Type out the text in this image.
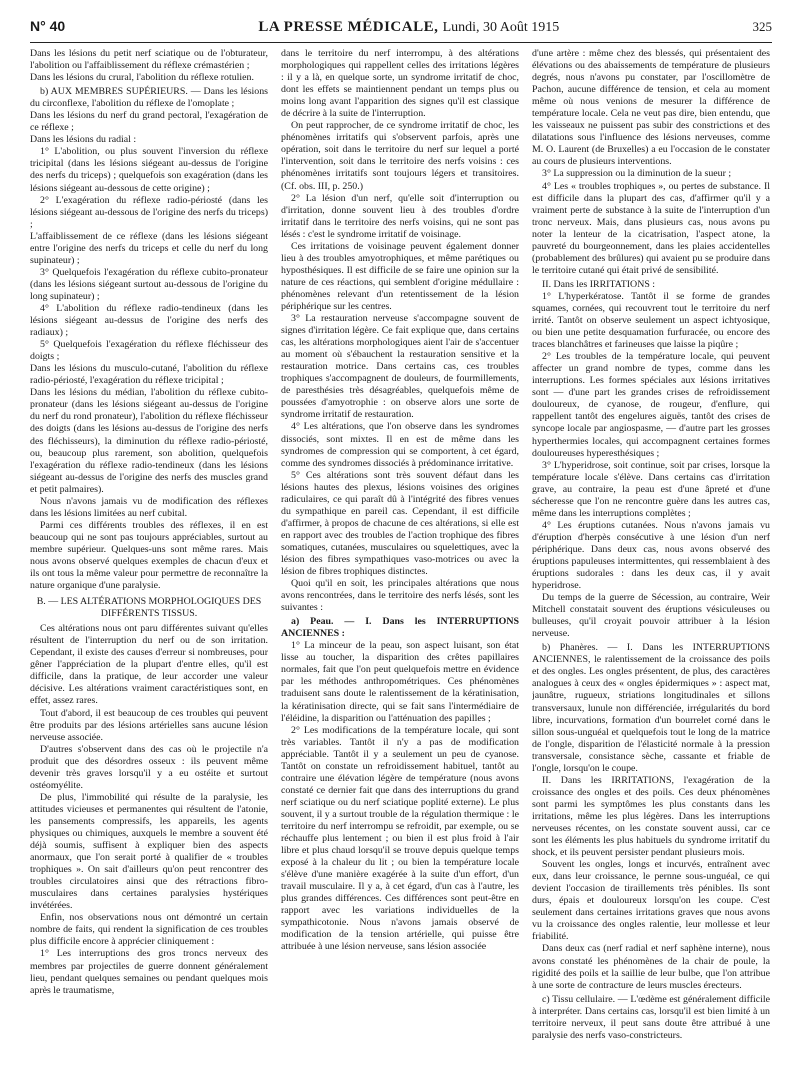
N° 40	LA PRESSE MÉDICALE, Lundi, 30 Août 1915	325

Dans les lésions du petit nerf sciatique ou de l'obturateur, l'abolition ou l'affaiblissement du réflexe crémastérien ;

Dans les lésions du crural, l'abolition du réflexe rotulien.

b) AUX MEMBRES SUPÉRIEURS. — Dans les lésions du circonflexe, l'abolition du réflexe de l'omoplate ;

Dans les lésions du nerf du grand pectoral, l'exagération de ce réflexe ;

Dans les lésions du radial :

1° L'abolition, ou plus souvent l'inversion du réflexe tricipital (dans les lésions siégeant au-dessus de l'origine des nerfs du triceps) ; quelquefois son exagération (dans les lésions siégeant au-dessous de cette origine) ;

2° L'exagération du réflexe radio-périosté (dans les lésions siégeant au-dessous de l'origine des nerfs du triceps) ;

L'affaiblissement de ce réflexe (dans les lésions siégeant entre l'origine des nerfs du triceps et celle du nerf du long supinateur) ;

3° Quelquefois l'exagération du réflexe cubito-pronateur (dans les lésions siégeant surtout au-dessous de l'origine du long supinateur) ;

4° L'abolition du réflexe radio-tendineux (dans les lésions siégeant au-dessus de l'origine des nerfs des radiaux) ;

5° Quelquefois l'exagération du réflexe fléchisseur des doigts ;

Dans les lésions du musculo-cutané, l'abolition du réflexe radio-périosté, l'exagération du réflexe tricipital ;

Dans les lésions du médian, l'abolition du réflexe cubito-pronateur (dans les lésions siégeant au-dessus de l'origine du nerf du rond pronateur), l'abolition du réflexe fléchisseur des doigts (dans les lésions au-dessus de l'origine des nerfs des fléchisseurs), la diminution du réflexe radio-périosté, ou, beaucoup plus rarement, son abolition, quelquefois l'exagération du réflexe radio-tendineux (dans les lésions siégeant au-dessus de l'origine des nerfs des muscles grand et petit palmaires).

Nous n'avons jamais vu de modification des réflexes dans les lésions limitées au nerf cubital.

Parmi ces différents troubles des réflexes, il en est beaucoup qui ne sont pas toujours appréciables, surtout au membre supérieur. Quelques-uns sont même rares. Mais nous avons observé quelques exemples de chacun d'eux et ils ont tous la même valeur pour permettre de reconnaître la nature organique d'une paralysie.

B. — LES ALTÉRATIONS MORPHOLOGIQUES DES DIFFÉRENTS TISSUS.

Ces altérations nous ont paru différentes suivant qu'elles résultent de l'interruption du nerf ou de son irritation. Cependant, il existe des causes d'erreur si nombreuses, pour gêner l'appréciation de la plupart d'entre elles, qu'il est difficile, dans la pratique, de leur accorder une valeur décisive. Les altérations vraiment caractéristiques sont, en effet, assez rares.

Tout d'abord, il est beaucoup de ces troubles qui peuvent être produits par des lésions artérielles sans aucune lésion nerveuse associée.

D'autres s'observent dans des cas où le projectile n'a produit que des désordres osseux : ils peuvent même devenir très graves lorsqu'il y a eu ostéite et surtout ostéomyélite.

De plus, l'immobilité qui résulte de la paralysie, les attitudes vicieuses et permanentes qui résultent de l'atonie, les pansements compressifs, les appareils, les agents physiques ou chimiques, auxquels le membre a souvent été déjà soumis, suffisent à expliquer bien des aspects anormaux, que l'on serait porté à qualifier de « troubles trophiques ». On sait d'ailleurs qu'on peut rencontrer des troubles circulatoires ainsi que des rétractions fibro-musculaires dans certaines paralysies hystériques invétérées.

Enfin, nos observations nous ont démontré un certain nombre de faits, qui rendent la signification de ces troubles plus difficile encore à apprécier cliniquement :

1° Les interruptions des gros troncs nerveux des membres par projectiles de guerre donnent généralement lieu, pendant quelques semaines ou pendant quelques mois après le traumatisme,

dans le territoire du nerf interrompu, à des altérations morphologiques qui rappellent celles des irritations légères : il y a là, en quelque sorte, un syndrome irritatif de choc, dont les effets se maintiennent pendant un temps plus ou moins long avant l'apparition des signes qu'il est classique de décrire à la suite de l'interruption.

On peut rapprocher, de ce syndrome irritatif de choc, les phénomènes irritatifs qui s'observent parfois, après une opération, soit dans le territoire du nerf sur lequel a porté l'intervention, soit dans le territoire des nerfs voisins : ces phénomènes irritatifs sont toujours légers et transitoires. (Cf. obs. III, p. 250.)

2° La lésion d'un nerf, qu'elle soit d'interruption ou d'irritation, donne souvent lieu à des troubles d'ordre irritatif dans le territoire des nerfs voisins, qui ne sont pas lésés : c'est le syndrome irritatif de voisinage.

Ces irritations de voisinage peuvent également donner lieu à des troubles amyotrophiques, et même parétiques ou hyposthésiques. Il est difficile de se faire une opinion sur la nature de ces réactions, qui semblent d'origine médullaire : phénomènes relevant d'un retentissement de la lésion périphérique sur les centres.

3° La restauration nerveuse s'accompagne souvent de signes d'irritation légère. Ce fait explique que, dans certains cas, les altérations morphologiques aient l'air de s'accentuer au moment où s'ébauchent la restauration sensitive et la restauration motrice. Dans certains cas, ces troubles trophiques s'accompagnent de douleurs, de fourmillements, de paresthésies très désagréables, quelquefois même de poussées d'amyotrophie : on observe alors une sorte de syndrome irritatif de restauration.

4° Les altérations, que l'on observe dans les syndromes dissociés, sont mixtes. Il en est de même dans les syndromes de compression qui se comportent, à cet égard, comme des syndromes dissociés à prédominance irritative.

5° Ces altérations sont très souvent défaut dans les lésions hautes des plexus, lésions voisines des origines radiculaires, ce qui paraît dû à l'intégrité des fibres venues du sympathique en pareil cas. Cependant, il est difficile d'affirmer, à propos de chacune de ces altérations, si elle est en rapport avec des troubles de l'action trophique des fibres somatiques, cutanées, musculaires ou squelettiques, avec la lésion des fibres sympathiques vaso-motrices ou avec la lésion de fibres trophiques distinctes.

Quoi qu'il en soit, les principales altérations que nous avons rencontrées, dans le territoire des nerfs lésés, sont les suivantes :

a) Peau. — I. Dans les INTERRUPTIONS ANCIENNES :

1° La minceur de la peau, son aspect luisant, son état lisse au toucher, la disparition des crêtes papillaires normales, fait que l'on peut quelquefois mettre en évidence par les méthodes anthropométriques. Ces phénomènes traduisent sans doute le ralentissement de la kératinisation, la kératinisation directe, qui se fait sans l'intermédiaire de l'éléidine, la disparition ou l'atténuation des papilles ;

2° Les modifications de la température locale, qui sont très variables. Tantôt il n'y a pas de modification appréciable. Tantôt il y a seulement un peu de cyanose. Tantôt on constate un refroidissement habituel, tantôt au contraire une élévation légère de température (nous avons constaté ce dernier fait que dans des interruptions du grand nerf sciatique ou du nerf sciatique poplité externe). Le plus souvent, il y a surtout trouble de la régulation thermique : le territoire du nerf interrompu se refroidit, par exemple, ou se réchauffe plus lentement ; ou bien il est plus froid à l'air libre et plus chaud lorsqu'il se trouve depuis quelque temps exposé à la chaleur du lit ; ou bien la température locale s'élève d'une manière exagérée à la suite d'un effort, d'un travail musculaire. Il y a, à cet égard, d'un cas à l'autre, les plus grandes différences. Ces différences sont peut-être en rapport avec les variations individuelles de la sympathicotonie. Nous n'avons jamais observé de modification de la tension artérielle, qui puisse être attribuée à une lésion nerveuse, sans lésion associée

d'une artère : même chez des blessés, qui présentaient des élévations ou des abaissements de température de plusieurs degrés, nous n'avons pu constater, par l'oscillomètre de Pachon, aucune différence de tension, et cela au moment même où nous venions de mesurer la différence de température locale. Cela ne veut pas dire, bien entendu, que les vaisseaux ne puissent pas subir des constrictions et des dilatations sous l'influence des lésions nerveuses, comme M. O. Laurent (de Bruxelles) a eu l'occasion de le constater au cours de plusieurs interventions.

3° La suppression ou la diminution de la sueur ;

4° Les « troubles trophiques », ou pertes de substance. Il est difficile dans la plupart des cas, d'affirmer qu'il y a vraiment perte de substance à la suite de l'interruption d'un tronc nerveux. Mais, dans plusieurs cas, nous avons pu noter la lenteur de la cicatrisation, l'aspect atone, la pauvreté du bourgeonnement, dans les plaies accidentelles (probablement des brûlures) qui avaient pu se produire dans le territoire cutané qui était privé de sensibilité.

II. Dans les IRRITATIONS :

1° L'hyperkératose. Tantôt il se forme de grandes squames, cornées, qui recouvrent tout le territoire du nerf irrité. Tantôt on observe seulement un aspect ichtyosique, ou bien une petite desquamation furfuracée, ou encore des traces blanchâtres et farineuses que laisse la piqûre ;

2° Les troubles de la température locale, qui peuvent affecter un grand nombre de types, comme dans les interruptions. Les formes spéciales aux lésions irritatives sont — d'une part les grandes crises de refroidissement douloureux, de cyanose, de rougeur, d'enflure, qui rappellent tantôt des engelures aiguës, tantôt des crises de syncope locale par angiospasme, — d'autre part les grosses hyperthermies locales, qui accompagnent certaines formes douloureuses hyperesthésiques ;

3° L'hyperidrose, soit continue, soit par crises, lorsque la température locale s'élève. Dans certains cas d'irritation grave, au contraire, la peau est d'une âpreté et d'une sécheresse que l'on ne rencontre guère dans les autres cas, même dans les interruptions complètes ;

4° Les éruptions cutanées. Nous n'avons jamais vu d'éruption d'herpès consécutive à une lésion d'un nerf périphérique. Dans deux cas, nous avons observé des éruptions papuleuses intermittentes, qui ressemblaient à des éruptions sudorales : dans les deux cas, il y avait hyperidrose.

Du temps de la guerre de Sécession, au contraire, Weir Mitchell constatait souvent des éruptions vésiculeuses ou bulleuses, qu'il croyait pouvoir attribuer à la lésion nerveuse.

b) Phanères. — I. Dans les INTERRUPTIONS ANCIENNES, le ralentissement de la croissance des poils et des ongles. Les ongles présentent, de plus, des caractères analogues à ceux des « ongles épidermiques » : aspect mat, jaunâtre, rugueux, striations longitudinales et sillons transversaux, lunule non différenciée, irrégularités du bord libre, incurvations, formation d'un bourrelet corné dans le sillon sous-unguéal et quelquefois tout le long de la matrice de l'ongle, disparition de l'élasticité normale à la pression transversale, consistance sèche, cassante et friable de l'ongle, lorsqu'on le coupe.

II. Dans les IRRITATIONS, l'exagération de la croissance des ongles et des poils. Ces deux phénomènes sont parmi les symptômes les plus constants dans les irritations, même les plus légères. Dans les interruptions nerveuses récentes, on les constate souvent aussi, car ce sont les éléments les plus habituels du syndrome irritatif du shock, et ils peuvent persister pendant plusieurs mois.

Souvent les ongles, longs et incurvés, entraînent avec eux, dans leur croissance, le pernne sous-unguéal, ce qui devient l'occasion de tiraillements très pénibles. Ils sont durs, épais et douloureux lorsqu'on les coupe. C'est seulement dans certaines irritations graves que nous avons vu la croissance des ongles ralentie, leur mollesse et leur friabilité.

Dans deux cas (nerf radial et nerf saphène interne), nous avons constaté les phénomènes de la chair de poule, la rigidité des poils et la saillie de leur bulbe, que l'on attribue à une sorte de contracture de leurs muscles érecteurs.

c) Tissu cellulaire. — L'œdème est généralement difficile à interpréter. Dans certains cas, lorsqu'il est bien limité à un territoire nerveux, il peut sans doute être attribué à une paralysie des nerfs vaso-constricteurs.
